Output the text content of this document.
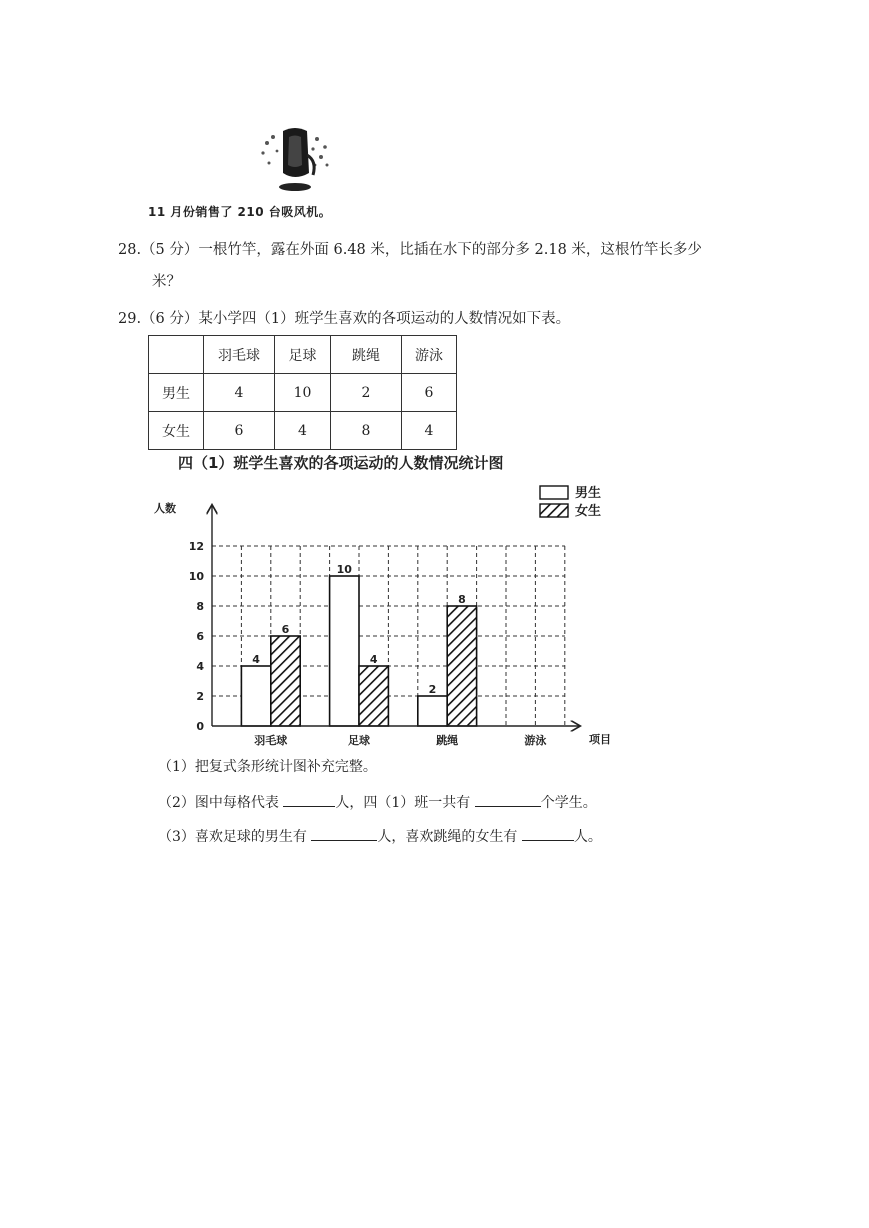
11 月份销售了 210 台吸风机。
28.（5 分）一根竹竿，露在外面 6.48 米，比插在水下的部分多 2.18 米，这根竹竿长多少
米？
29.（6 分）某小学四（1）班学生喜欢的各项运动的人数情况如下表。
	羽毛球	足球	跳绳	游泳
男生	4	10	2	6
女生	6	4	8	4
四（1）班学生喜欢的各项运动的人数情况统计图
男生
女生
0
2
4
6
8
10
12
羽毛球
4
6
足球
10
4
跳绳
2
8
游泳
人数
项目
（1）把复式条形统计图补充完整。
（2）图中每格代表	人，四（1）班一共有	个学生。
（3）喜欢足球的男生有	人，喜欢跳绳的女生有	人。
